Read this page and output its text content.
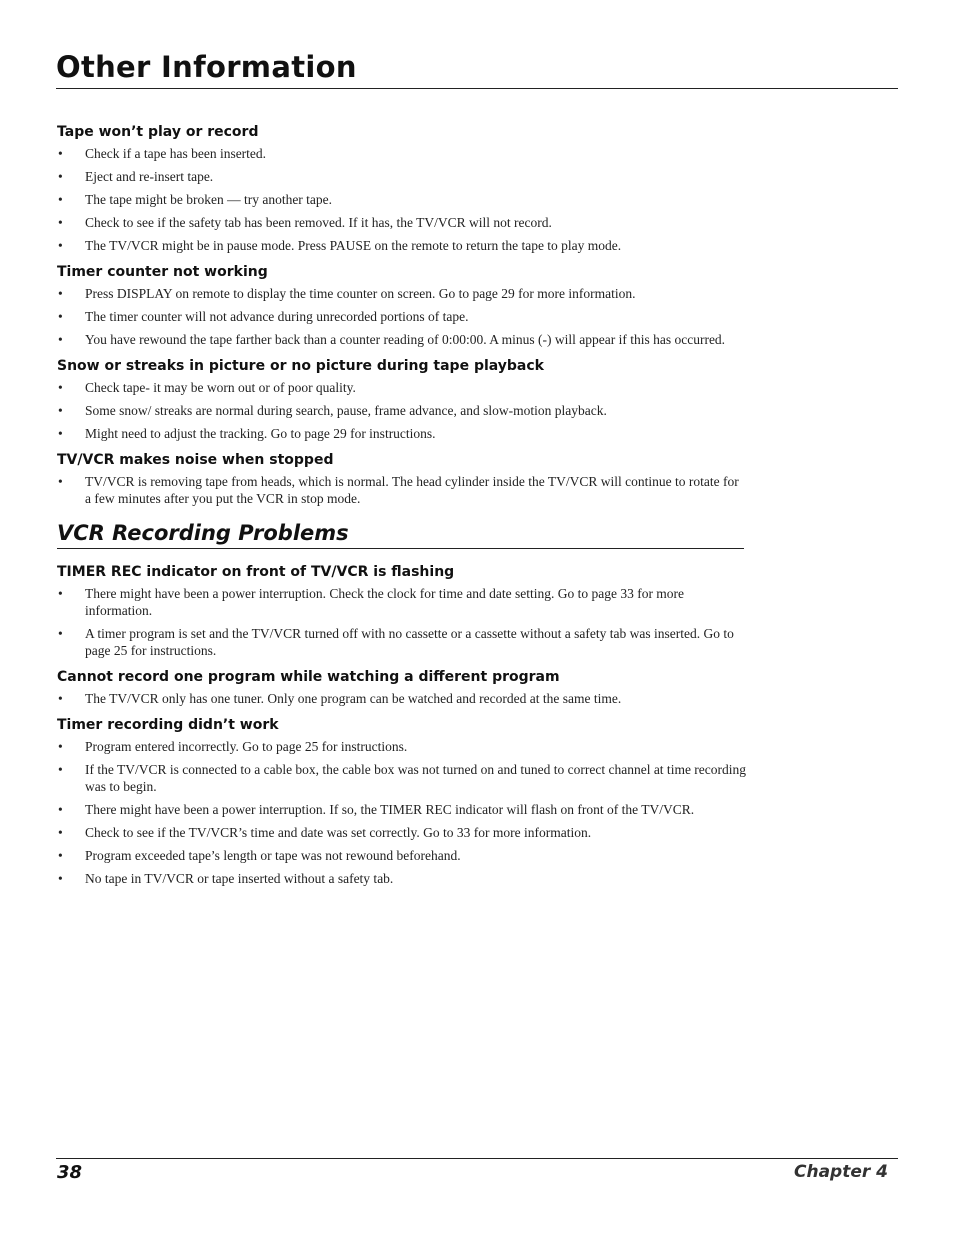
Other Information
Tape won’t play or record
• Check if a tape has been inserted.
• Eject and re-insert tape.
• The tape might be broken — try another tape.
• Check to see if the safety tab has been removed. If it has, the TV/VCR will not record.
• The TV/VCR might be in pause mode. Press PAUSE on the remote to return the tape to play mode.
Timer counter not working
• Press DISPLAY on remote to display the time counter on screen. Go to page 29 for more information.
• The timer counter will not advance during unrecorded portions of tape.
• You have rewound the tape farther back than a counter reading of 0:00:00. A minus (-) will appear if this has occurred.
Snow or streaks in picture or no picture during tape playback
• Check tape- it may be worn out or of poor quality.
• Some snow/ streaks are normal during search, pause, frame advance, and slow-motion playback.
• Might need to adjust the tracking. Go to page 29 for instructions.
TV/VCR makes noise when stopped
• TV/VCR is removing tape from heads, which is normal. The head cylinder inside the TV/VCR will continue to rotate for a few minutes after you put the VCR in stop mode.
VCR Recording Problems
TIMER REC indicator on front of TV/VCR is flashing
• There might have been a power interruption. Check the clock for time and date setting. Go to page 33 for more information.
• A timer program is set and the TV/VCR turned off with no cassette or a cassette without a safety tab was inserted. Go to page 25 for instructions.
Cannot record one program while watching a different program
• The TV/VCR only has one tuner. Only one program can be watched and recorded at the same time.
Timer recording didn’t work
• Program entered incorrectly. Go to page 25 for instructions.
• If the TV/VCR is connected to a cable box, the cable box was not turned on and tuned to correct channel at time recording was to begin.
• There might have been a power interruption. If so, the TIMER REC indicator will flash on front of the TV/VCR.
• Check to see if the TV/VCR’s time and date was set correctly. Go to 33 for more information.
• Program exceeded tape’s length or tape was not rewound beforehand.
• No tape in TV/VCR or tape inserted without a safety tab.
38	Chapter 4
